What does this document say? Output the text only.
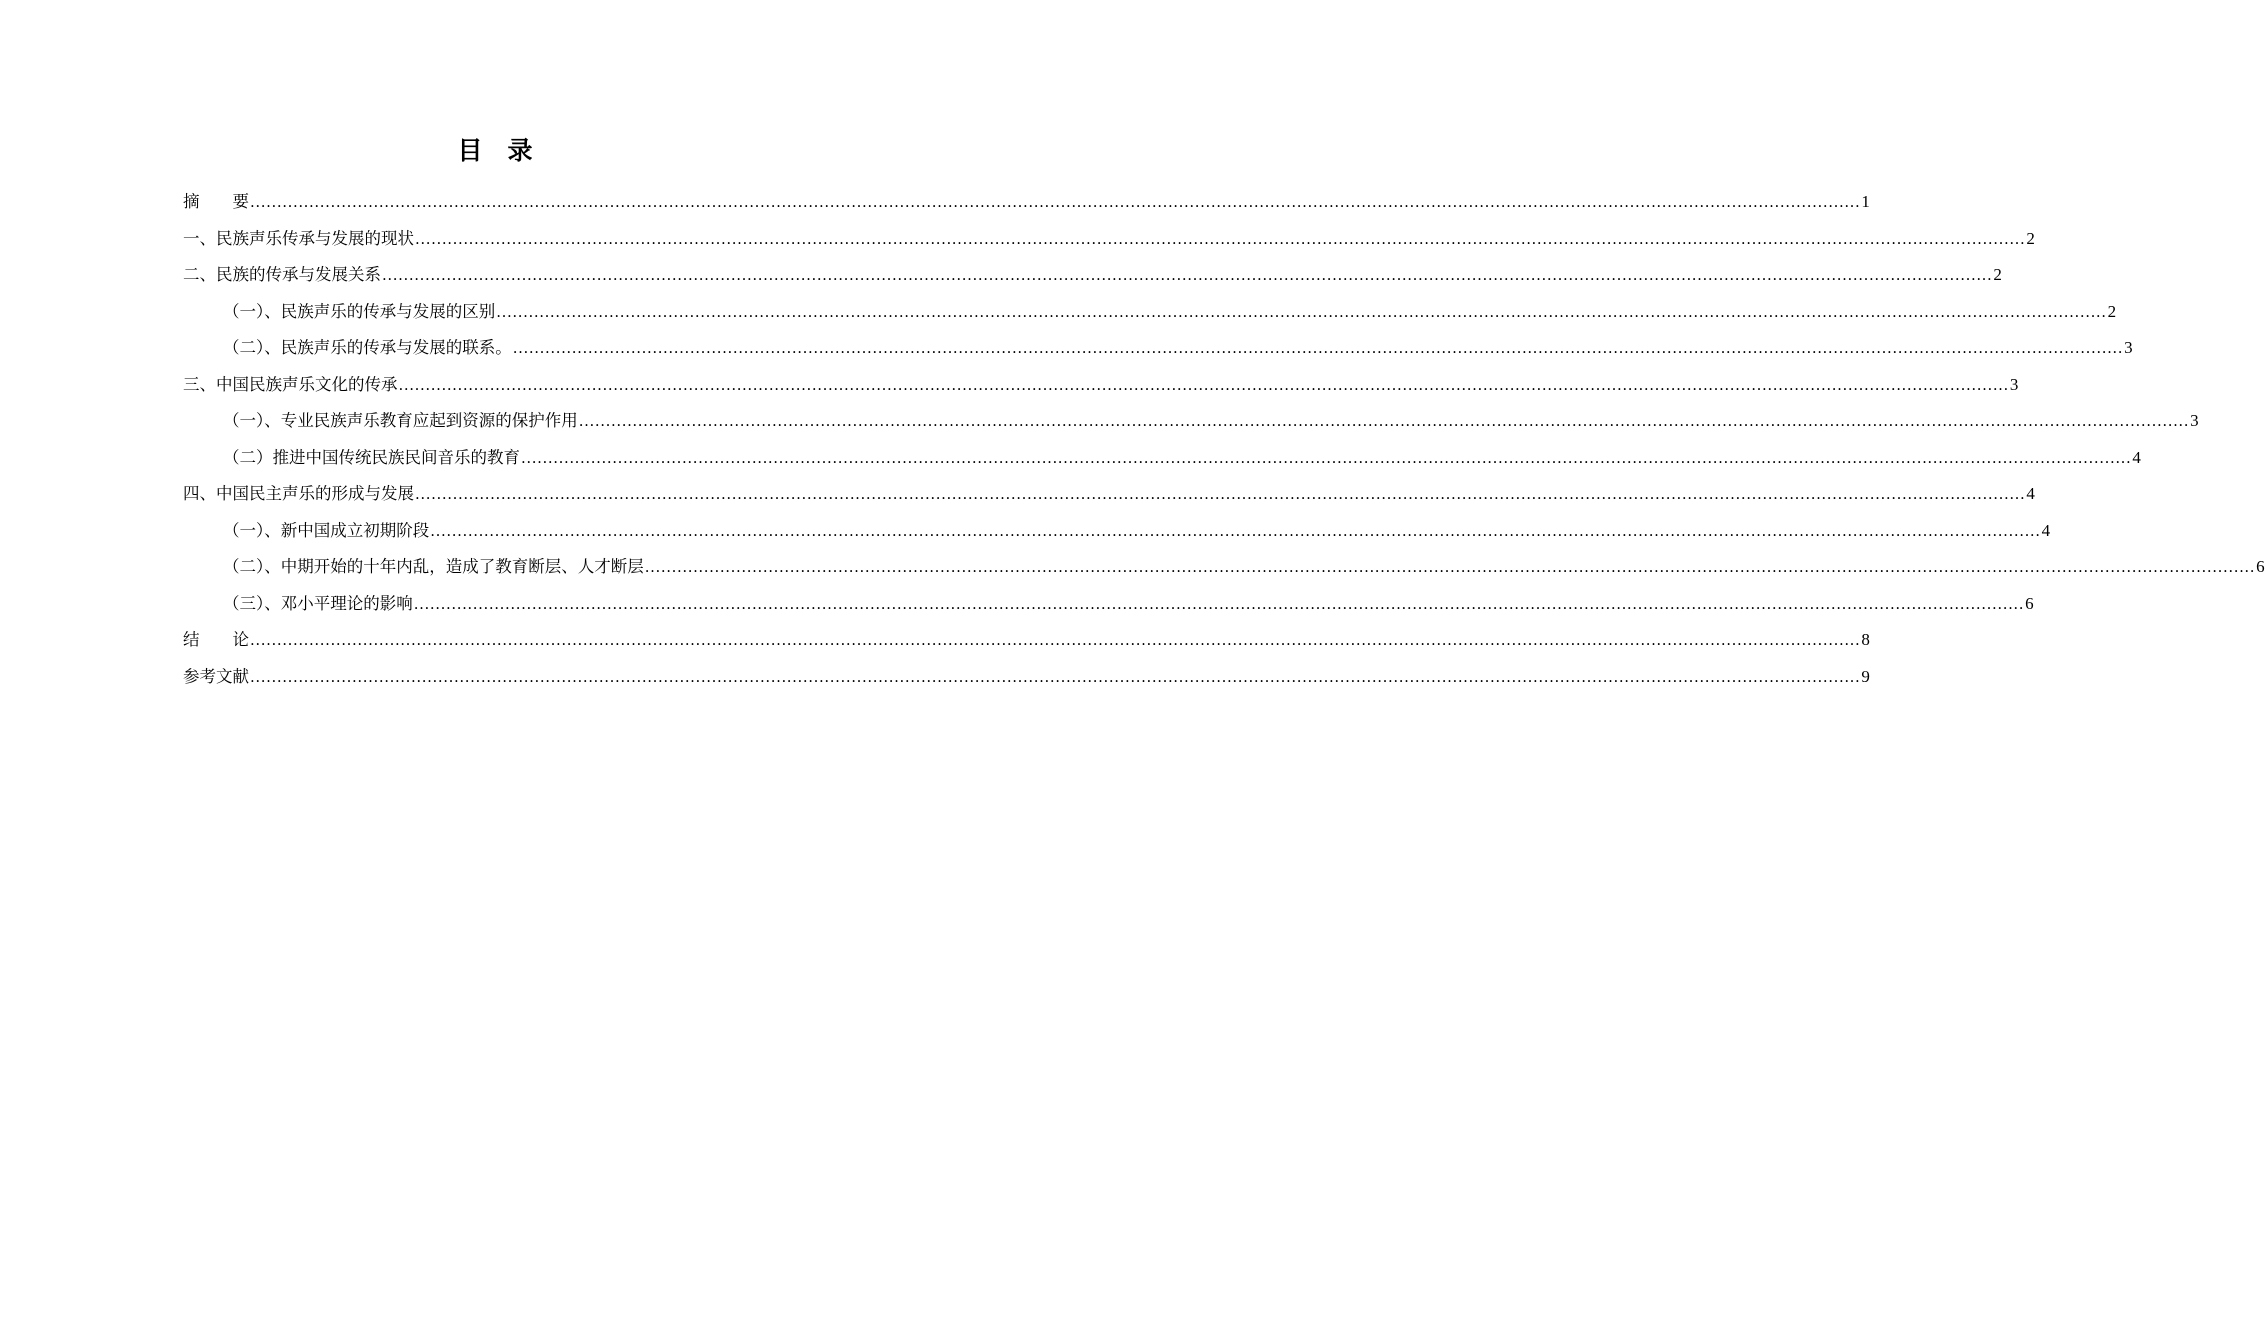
目　录
摘　　要 ............................................................................................................................................................................................................................................................................................................ 1
一、民族声乐传承与发展的现状 ............................................................................................................................................................................................................................................................................................................ 2
二、民族的传承与发展关系 ............................................................................................................................................................................................................................................................................................................ 2
（一）、民族声乐的传承与发展的区别 ............................................................................................................................................................................................................................................................................................................ 2
（二）、民族声乐的传承与发展的联系。 ............................................................................................................................................................................................................................................................................................................ 3
三、中国民族声乐文化的传承 ............................................................................................................................................................................................................................................................................................................ 3
（一）、专业民族声乐教育应起到资源的保护作用 ............................................................................................................................................................................................................................................................................................................ 3
（二）推进中国传统民族民间音乐的教育 ............................................................................................................................................................................................................................................................................................................ 4
四、中国民主声乐的形成与发展 ............................................................................................................................................................................................................................................................................................................ 4
（一）、新中国成立初期阶段 ............................................................................................................................................................................................................................................................................................................ 4
（二）、中期开始的十年内乱，造成了教育断层、人才断层 ............................................................................................................................................................................................................................................................................................................ 6
（三）、邓小平理论的影响 ............................................................................................................................................................................................................................................................................................................ 6
结　　论 ............................................................................................................................................................................................................................................................................................................ 8
参考文献 ............................................................................................................................................................................................................................................................................................................ 9
